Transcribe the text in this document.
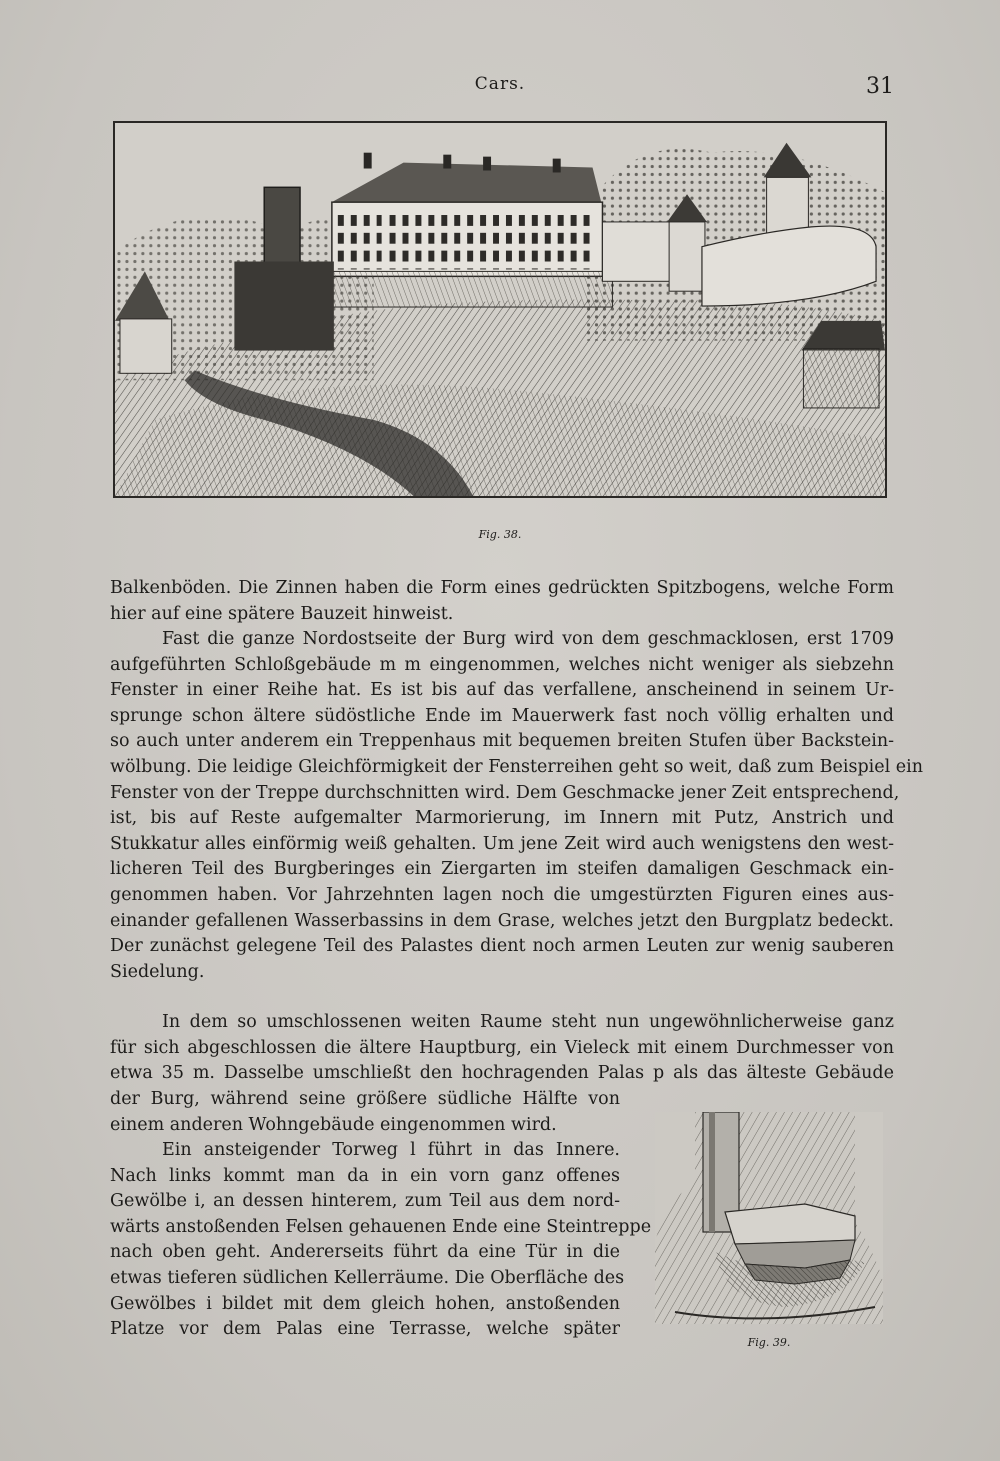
Cars.	31
Fig. 38.
Balkenböden. Die Zinnen haben die Form eines gedrückten Spitzbogens, welche Form
hier auf eine spätere Bauzeit hinweist.
Fast die ganze Nordostseite der Burg wird von dem geschmacklosen, erst 1709
aufgeführten Schloßgebäude m m eingenommen, welches nicht weniger als siebzehn
Fenster in einer Reihe hat. Es ist bis auf das verfallene, anscheinend in seinem Ur-
sprunge schon ältere südöstliche Ende im Mauerwerk fast noch völlig erhalten und
so auch unter anderem ein Treppenhaus mit bequemen breiten Stufen über Backstein-
wölbung. Die leidige Gleichförmigkeit der Fensterreihen geht so weit, daß zum Beispiel ein
Fenster von der Treppe durchschnitten wird. Dem Geschmacke jener Zeit entsprechend,
ist, bis auf Reste aufgemalter Marmorierung, im Innern mit Putz, Anstrich und
Stukkatur alles einförmig weiß gehalten. Um jene Zeit wird auch wenigstens den west-
licheren Teil des Burgberinges ein Ziergarten im steifen damaligen Geschmack ein-
genommen haben. Vor Jahrzehnten lagen noch die umgestürzten Figuren eines aus-
einander gefallenen Wasserbassins in dem Grase, welches jetzt den Burgplatz bedeckt.
Der zunächst gelegene Teil des Palastes dient noch armen Leuten zur wenig sauberen
Siedelung.
In dem so umschlossenen weiten Raume steht nun ungewöhnlicherweise ganz
für sich abgeschlossen die ältere Hauptburg, ein Vieleck mit einem Durchmesser von
etwa 35 m. Dasselbe umschließt den hochragenden Palas p als das älteste Gebäude
der Burg, während seine größere südliche Hälfte von
einem anderen Wohngebäude eingenommen wird.
Ein ansteigender Torweg l führt in das Innere.
Nach links kommt man da in ein vorn ganz offenes
Gewölbe i, an dessen hinterem, zum Teil aus dem nord-
wärts anstoßenden Felsen gehauenen Ende eine Steintreppe
nach oben geht. Andererseits führt da eine Tür in die
etwas tieferen südlichen Kellerräume. Die Oberfläche des
Gewölbes i bildet mit dem gleich hohen, anstoßenden
Platze vor dem Palas eine Terrasse, welche später
Fig. 39.
